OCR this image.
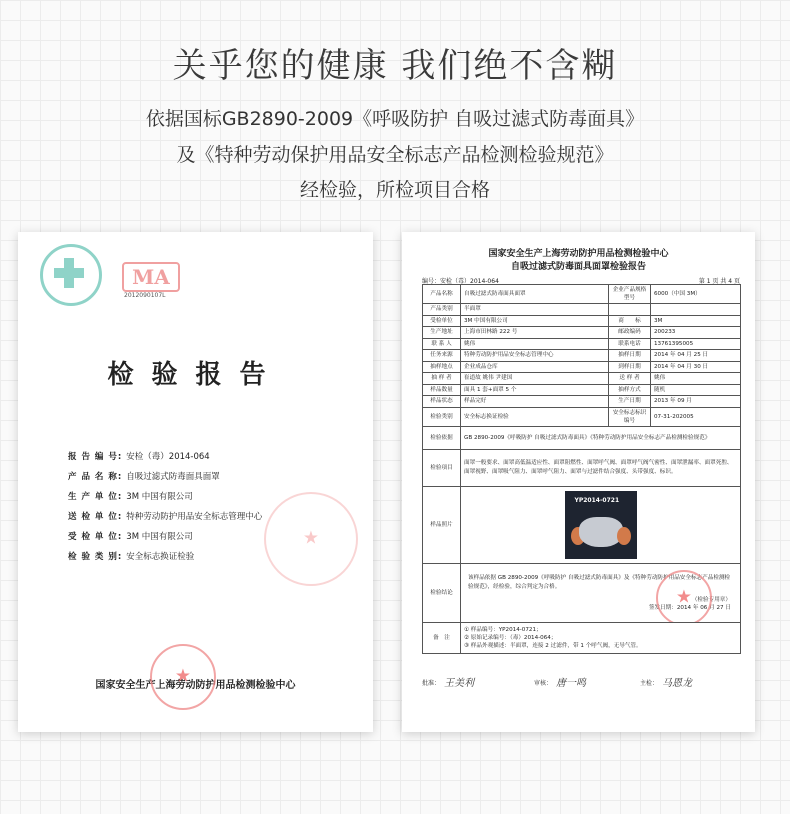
关乎您的健康 我们绝不含糊
依据国标GB2890-2009《呼吸防护 自吸过滤式防毒面具》
及《特种劳动保护用品安全标志产品检测检验规范》
经检验，所检项目合格
MA
2012090107L
检验报告
报 告 编 号: 安检（毒）2014-064
产 品 名 称: 自吸过滤式防毒面具面罩
生 产 单 位: 3M 中国有限公司
送 检 单 位: 特种劳动防护用品安全标志管理中心
受 检 单 位: 3M 中国有限公司
检 验 类 别: 安全标志换证检验
★
国家安全生产上海劳动防护用品检测检验中心
★
国家安全生产上海劳动防护用品检测检验中心
自吸过滤式防毒面具面罩检验报告
编号：安检（毒）2014-064	第 1 页 共 4 页
产品名称	自吸过滤式防毒面具面罩	企业产品规格型号	6000（中国 3M）
产品类别	半面罩		
受检单位	3M 中国有限公司	商　　标	3M
生产地址	上海市田林路 222 号	邮政编码	200233
联 系 人	姚伟	联系电话	13761395005
任务来源	特种劳动防护用品安全标志管理中心	抽样日期	2014 年 04 月 25 日
抽样地点	企业成品仓库	到样日期	2014 年 04 月 30 日
抽 样 者	崔道故 姚伟 尹建国	送 样 者	姚伟
样品数量	面具 1 套+面罩 5 个	抽样方式	随机
样品状态	样品完好	生产日期	2013 年 09 月
检验类别	安全标志换证检验	安全标志标识编号	07-31-202005
检验依据	GB 2890-2009《呼吸防护 自吸过滤式防毒面具》《特种劳动防护用品安全标志产品检测检验规范》		
检验项目	面罩一般要求、面罩高低温适应性、面罩阻燃性、面罩呼气阀、面罩呼气阀气密性、面罩泄漏率、面罩死腔、面罩视野、面罩吸气阻力、面罩呼气阻力、面罩与过滤件结合强度、头带强度、标识。		
样品照片	YP2014-0721		

检验结论	该样品依据 GB 2890-2009《呼吸防护 自吸过滤式防毒面具》及《特种劳动防护用品安全标志产品检测检验规范》，经检验，综合判定为合格。
（检验专用章）
签发日期：2014 年 06 月 27 日
★

备　注	① 样品编号：YP2014-0721；
② 原始记录编号：（毒）2014-064；
③ 样品外观描述：半面罩，连接 2 过滤件，带 1 个呼气阀，无导气管。		
批准： 王美利	审核： 唐一鸣	主检： 马恩龙
